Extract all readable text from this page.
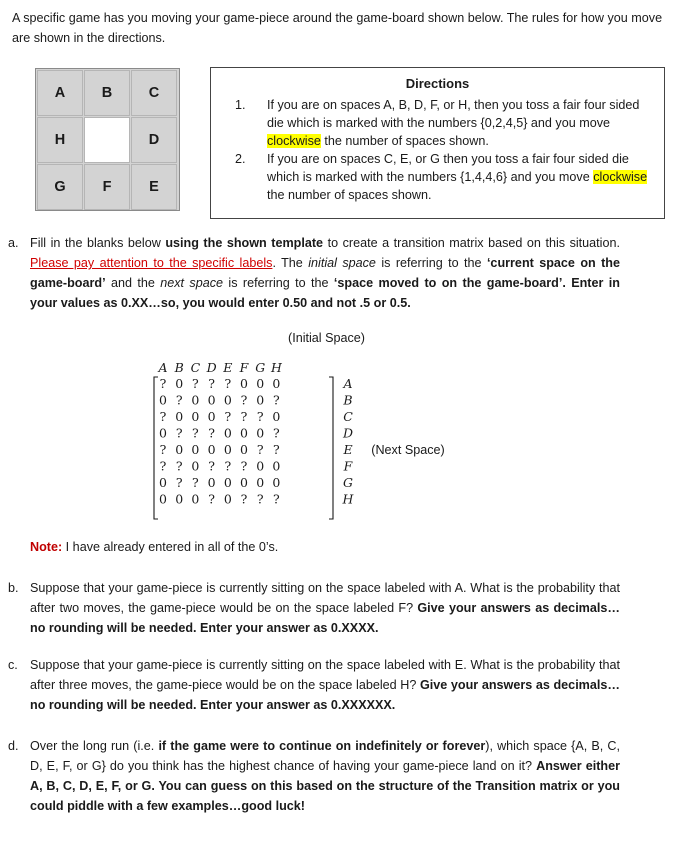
A specific game has you moving your game-piece around the game-board shown below. The rules for how you move are shown in the directions.
A	B	C
H	D
G	F	E
Directions
1. If you are on spaces A, B, D, F, or H, then you toss a fair four sided die which is marked with the numbers {0,2,4,5} and you move clockwise the number of spaces shown.
2. If you are on spaces C, E, or G then you toss a fair four sided die which is marked with the numbers {1,4,4,6} and you move clockwise the number of spaces shown.
a. Fill in the blanks below using the shown template to create a transition matrix based on this situation. Please pay attention to the specific labels. The initial space is referring to the ‘current space on the game-board’ and the next space is referring to the ‘space moved to on the game-board’. Enter in your values as 0.XX…so, you would enter 0.50 and not .5 or 0.5.
(Initial Space)
A B C D E F G H
? 0 ? ? ? 0 0 0	A
0 ? 0 0 0 ? 0 ?	B
? 0 0 0 ? ? ? 0	C
0 ? ? ? 0 0 0 ?	D
? 0 0 0 0 0 ? ?	E
? ? 0 ? ? ? 0 0	F
0 ? ? 0 0 0 0 0	G
0 0 0 ? 0 ? ? ?	H
(Next Space)
Note: I have already entered in all of the 0’s.
b. Suppose that your game-piece is currently sitting on the space labeled with A. What is the probability that after two moves, the game-piece would be on the space labeled F? Give your answers as decimals…no rounding will be needed. Enter your answer as 0.XXXX.
c. Suppose that your game-piece is currently sitting on the space labeled with E. What is the probability that after three moves, the game-piece would be on the space labeled H? Give your answers as decimals…no rounding will be needed. Enter your answer as 0.XXXXXX.
d. Over the long run (i.e. if the game were to continue on indefinitely or forever), which space {A, B, C, D, E, F, or G} do you think has the highest chance of having your game-piece land on it? Answer either A, B, C, D, E, F, or G. You can guess on this based on the structure of the Transition matrix or you could piddle with a few examples…good luck!
